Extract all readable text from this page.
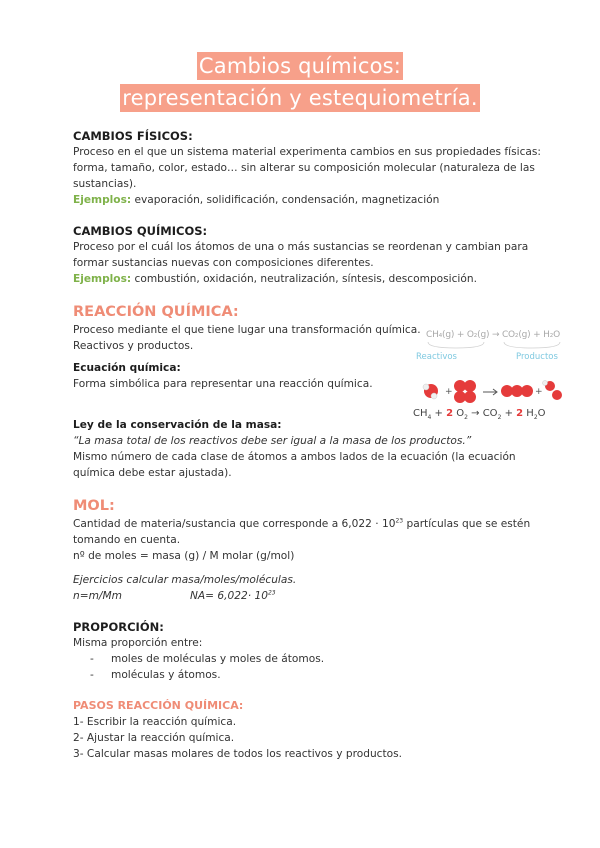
Cambios químicos:
representación y estequiometría.
CAMBIOS FÍSICOS:
Proceso en el que un sistema material experimenta cambios en sus propiedades físicas:
forma, tamaño, color, estado… sin alterar su composición molecular (naturaleza de las
sustancias).
Ejemplos: evaporación, solidificación, condensación, magnetización
CAMBIOS QUÍMICOS:
Proceso por el cuál los átomos de una o más sustancias se reordenan y cambian para
formar sustancias nuevas con composiciones diferentes.
Ejemplos: combustión, oxidación, neutralización, síntesis, descomposición.
REACCIÓN QUÍMICA:
Proceso mediante el que tiene lugar una transformación química.
Reactivos y productos.
Ecuación química:
Forma simbólica para representar una reacción química.
Ley de la conservación de la masa:
“La masa total de los reactivos debe ser igual a la masa de los productos.”
Mismo número de cada clase de átomos a ambos lados de la ecuación (la ecuación
química debe estar ajustada).
MOL:
Cantidad de materia/sustancia que corresponde a $6,022 \cdot 10^{23}$ partículas que se estén
tomando en cuenta.
nº de moles = masa (g) / M molar (g/mol)
Ejercicios calcular masa/moles/moléculas.
n=m/Mm	$NA= 6,022\cdot 10^{23}$
PROPORCIÓN:
Misma proporción entre:
- moles de moléculas y moles de átomos.
- moléculas y átomos.
PASOS REACCIÓN QUÍMICA:
1- Escribir la reacción química.
2- Ajustar la reacción química.
3- Calcular masas molares de todos los reactivos y productos.
CH₄(g) + O₂(g) → CO₂(g) + H₂O
Reactivos	Productos
+	+
$CH_4 + 2$ $O_2 \to CO_2 + 2$ $H_2O$
